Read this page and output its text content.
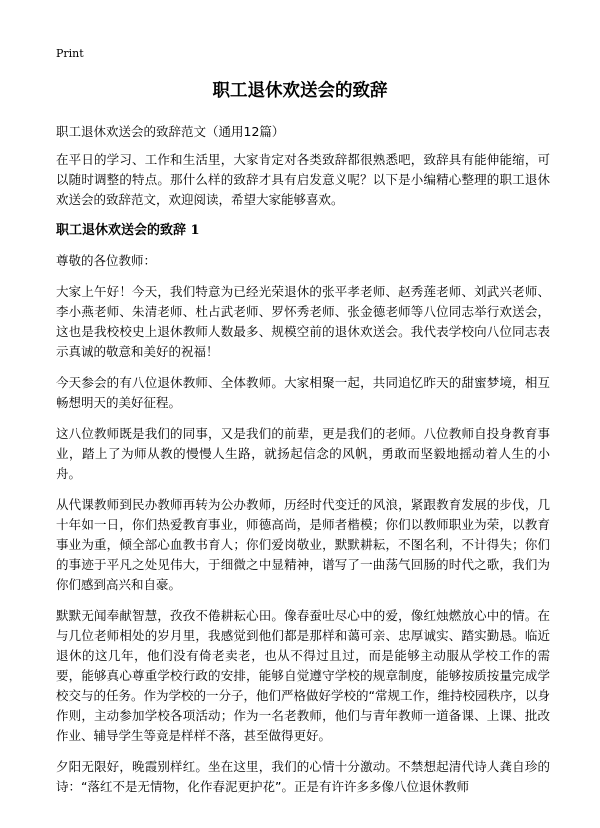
Print
职工退休欢送会的致辞
职工退休欢送会的致辞范文（通用12篇）

在平日的学习、工作和生活里，大家肯定对各类致辞都很熟悉吧，致辞具有能伸能缩，可以随时调整的特点。那什么样的致辞才具有启发意义呢？以下是小编精心整理的职工退休欢送会的致辞范文，欢迎阅读，希望大家能够喜欢。

职工退休欢送会的致辞 1

尊敬的各位教师：

大家上午好！今天，我们特意为已经光荣退休的张平孝老师、赵秀莲老师、刘武兴老师、李小燕老师、朱清老师、杜占武老师、罗怀秀老师、张金德老师等八位同志举行欢送会，这也是我校校史上退休教师人数最多、规模空前的退休欢送会。我代表学校向八位同志表示真诚的敬意和美好的祝福！

今天参会的有八位退休教师、全体教师。大家相聚一起，共同追忆昨天的甜蜜梦境，相互畅想明天的美好征程。

这八位教师既是我们的同事，又是我们的前辈，更是我们的老师。八位教师自投身教育事业，踏上了为师从教的慢慢人生路，就扬起信念的风帆，勇敢而坚毅地摇动着人生的小舟。

从代课教师到民办教师再转为公办教师，历经时代变迁的风浪，紧跟教育发展的步伐，几十年如一日，你们热爱教育事业，师德高尚，是师者楷模；你们以教师职业为荣，以教育事业为重，倾全部心血教书育人；你们爱岗敬业，默默耕耘，不图名利，不计得失；你们的事迹于平凡之处见伟大，于细微之中显精神，谱写了一曲荡气回肠的时代之歌，我们为你们感到高兴和自豪。

默默无闻奉献智慧，孜孜不倦耕耘心田。像春蚕吐尽心中的爱，像红烛燃放心中的情。在与几位老师相处的岁月里，我感觉到他们都是那样和蔼可亲、忠厚诚实、踏实勤恳。临近退休的这几年，他们没有倚老卖老，也从不得过且过，而是能够主动服从学校工作的需要，能够真心尊重学校行政的安排，能够自觉遵守学校的规章制度，能够按质按量完成学校交与的任务。作为学校的一分子，他们严格做好学校的“常规工作，维持校园秩序，以身作则，主动参加学校各项活动；作为一名老教师，他们与青年教师一道备课、上课、批改作业、辅导学生等竟是样样不落，甚至做得更好。

夕阳无限好，晚霞别样红。坐在这里，我们的心情十分激动。不禁想起清代诗人龚自珍的诗：“落红不是无情物，化作春泥更护花”。正是有许许多多像八位退休教师
